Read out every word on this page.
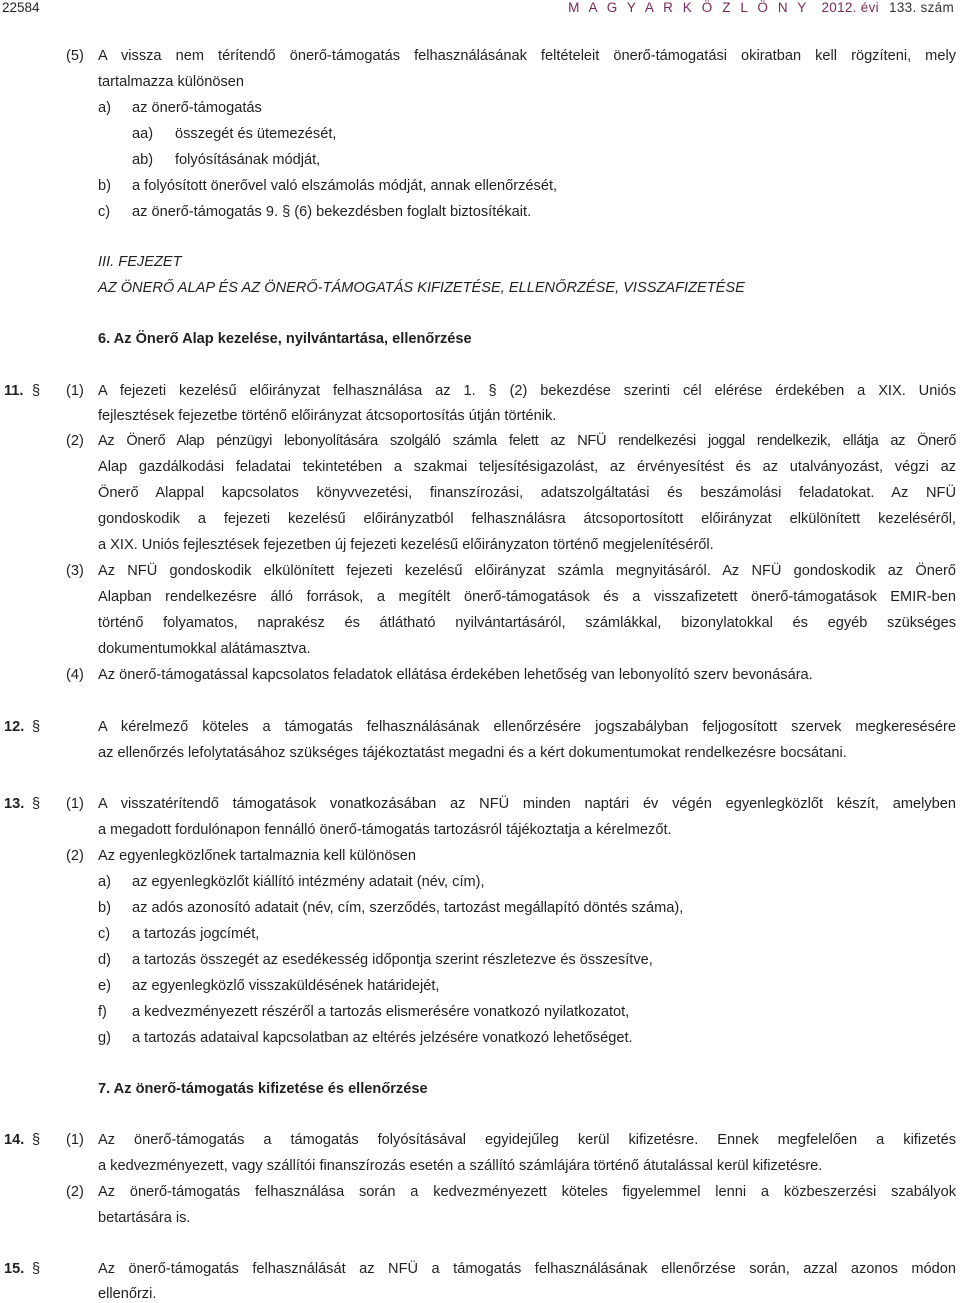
22584	M A G Y A R K Ö Z L Ö N Y 2012. évi 133. szám
(5) A vissza nem térítendő önerő-támogatás felhasználásának feltételeit önerő-támogatási okiratban kell rögzíteni, mely
tartalmazza különösen
a) az önerő-támogatás
aa) összegét és ütemezését,
ab) folyósításának módját,
b) a folyósított önerővel való elszámolás módját, annak ellenőrzését,
c) az önerő-támogatás 9. § (6) bekezdésben foglalt biztosítékait.
III. FEJEZET
AZ ÖNERŐ ALAP ÉS AZ ÖNERŐ-TÁMOGATÁS KIFIZETÉSE, ELLENŐRZÉSE, VISSZAFIZETÉSE
6. Az Önerő Alap kezelése, nyilvántartása, ellenőrzése
11. § (1) A fejezeti kezelésű előirányzat felhasználása az 1. § (2) bekezdése szerinti cél elérése érdekében a XIX. Uniós
fejlesztések fejezetbe történő előirányzat átcsoportosítás útján történik.
(2) Az Önerő Alap pénzügyi lebonyolítására szolgáló számla felett az NFÜ rendelkezési joggal rendelkezik, ellátja az Önerő
Alap gazdálkodási feladatai tekintetében a szakmai teljesítésigazolást, az érvényesítést és az utalványozást, végzi az
Önerő Alappal kapcsolatos könyvvezetési, finanszírozási, adatszolgáltatási és beszámolási feladatokat. Az NFÜ
gondoskodik a fejezeti kezelésű előirányzatból felhasználásra átcsoportosított előirányzat elkülönített kezeléséről,
a XIX. Uniós fejlesztések fejezetben új fejezeti kezelésű előirányzaton történő megjelenítéséről.
(3) Az NFÜ gondoskodik elkülönített fejezeti kezelésű előirányzat számla megnyitásáról. Az NFÜ gondoskodik az Önerő
Alapban rendelkezésre álló források, a megítélt önerő-támogatások és a visszafizetett önerő-támogatások EMIR-ben
történő folyamatos, naprakész és átlátható nyilvántartásáról, számlákkal, bizonylatokkal és egyéb szükséges
dokumentumokkal alátámasztva.
(4) Az önerő-támogatással kapcsolatos feladatok ellátása érdekében lehetőség van lebonyolító szerv bevonására.
12. §	A kérelmező köteles a támogatás felhasználásának ellenőrzésére jogszabályban feljogosított szervek megkeresésére
az ellenőrzés lefolytatásához szükséges tájékoztatást megadni és a kért dokumentumokat rendelkezésre bocsátani.
13. § (1) A visszatérítendő támogatások vonatkozásában az NFÜ minden naptári év végén egyenlegközlőt készít, amelyben
a megadott fordulónapon fennálló önerő-támogatás tartozásról tájékoztatja a kérelmezőt.
(2) Az egyenlegközlőnek tartalmaznia kell különösen
a) az egyenlegközlőt kiállító intézmény adatait (név, cím),
b) az adós azonosító adatait (név, cím, szerződés, tartozást megállapító döntés száma),
c) a tartozás jogcímét,
d) a tartozás összegét az esedékesség időpontja szerint részletezve és összesítve,
e) az egyenlegközlő visszaküldésének határidejét,
f) a kedvezményezett részéről a tartozás elismerésére vonatkozó nyilatkozatot,
g) a tartozás adataival kapcsolatban az eltérés jelzésére vonatkozó lehetőséget.
7. Az önerő-támogatás kifizetése és ellenőrzése
14. § (1) Az önerő-támogatás a támogatás folyósításával egyidejűleg kerül kifizetésre. Ennek megfelelően a kifizetés
a kedvezményezett, vagy szállítói finanszírozás esetén a szállító számlájára történő átutalással kerül kifizetésre.
(2) Az önerő-támogatás felhasználása során a kedvezményezett köteles figyelemmel lenni a közbeszerzési szabályok
betartására is.
15. §	Az önerő-támogatás felhasználását az NFÜ a támogatás felhasználásának ellenőrzése során, azzal azonos módon
ellenőrzi.
